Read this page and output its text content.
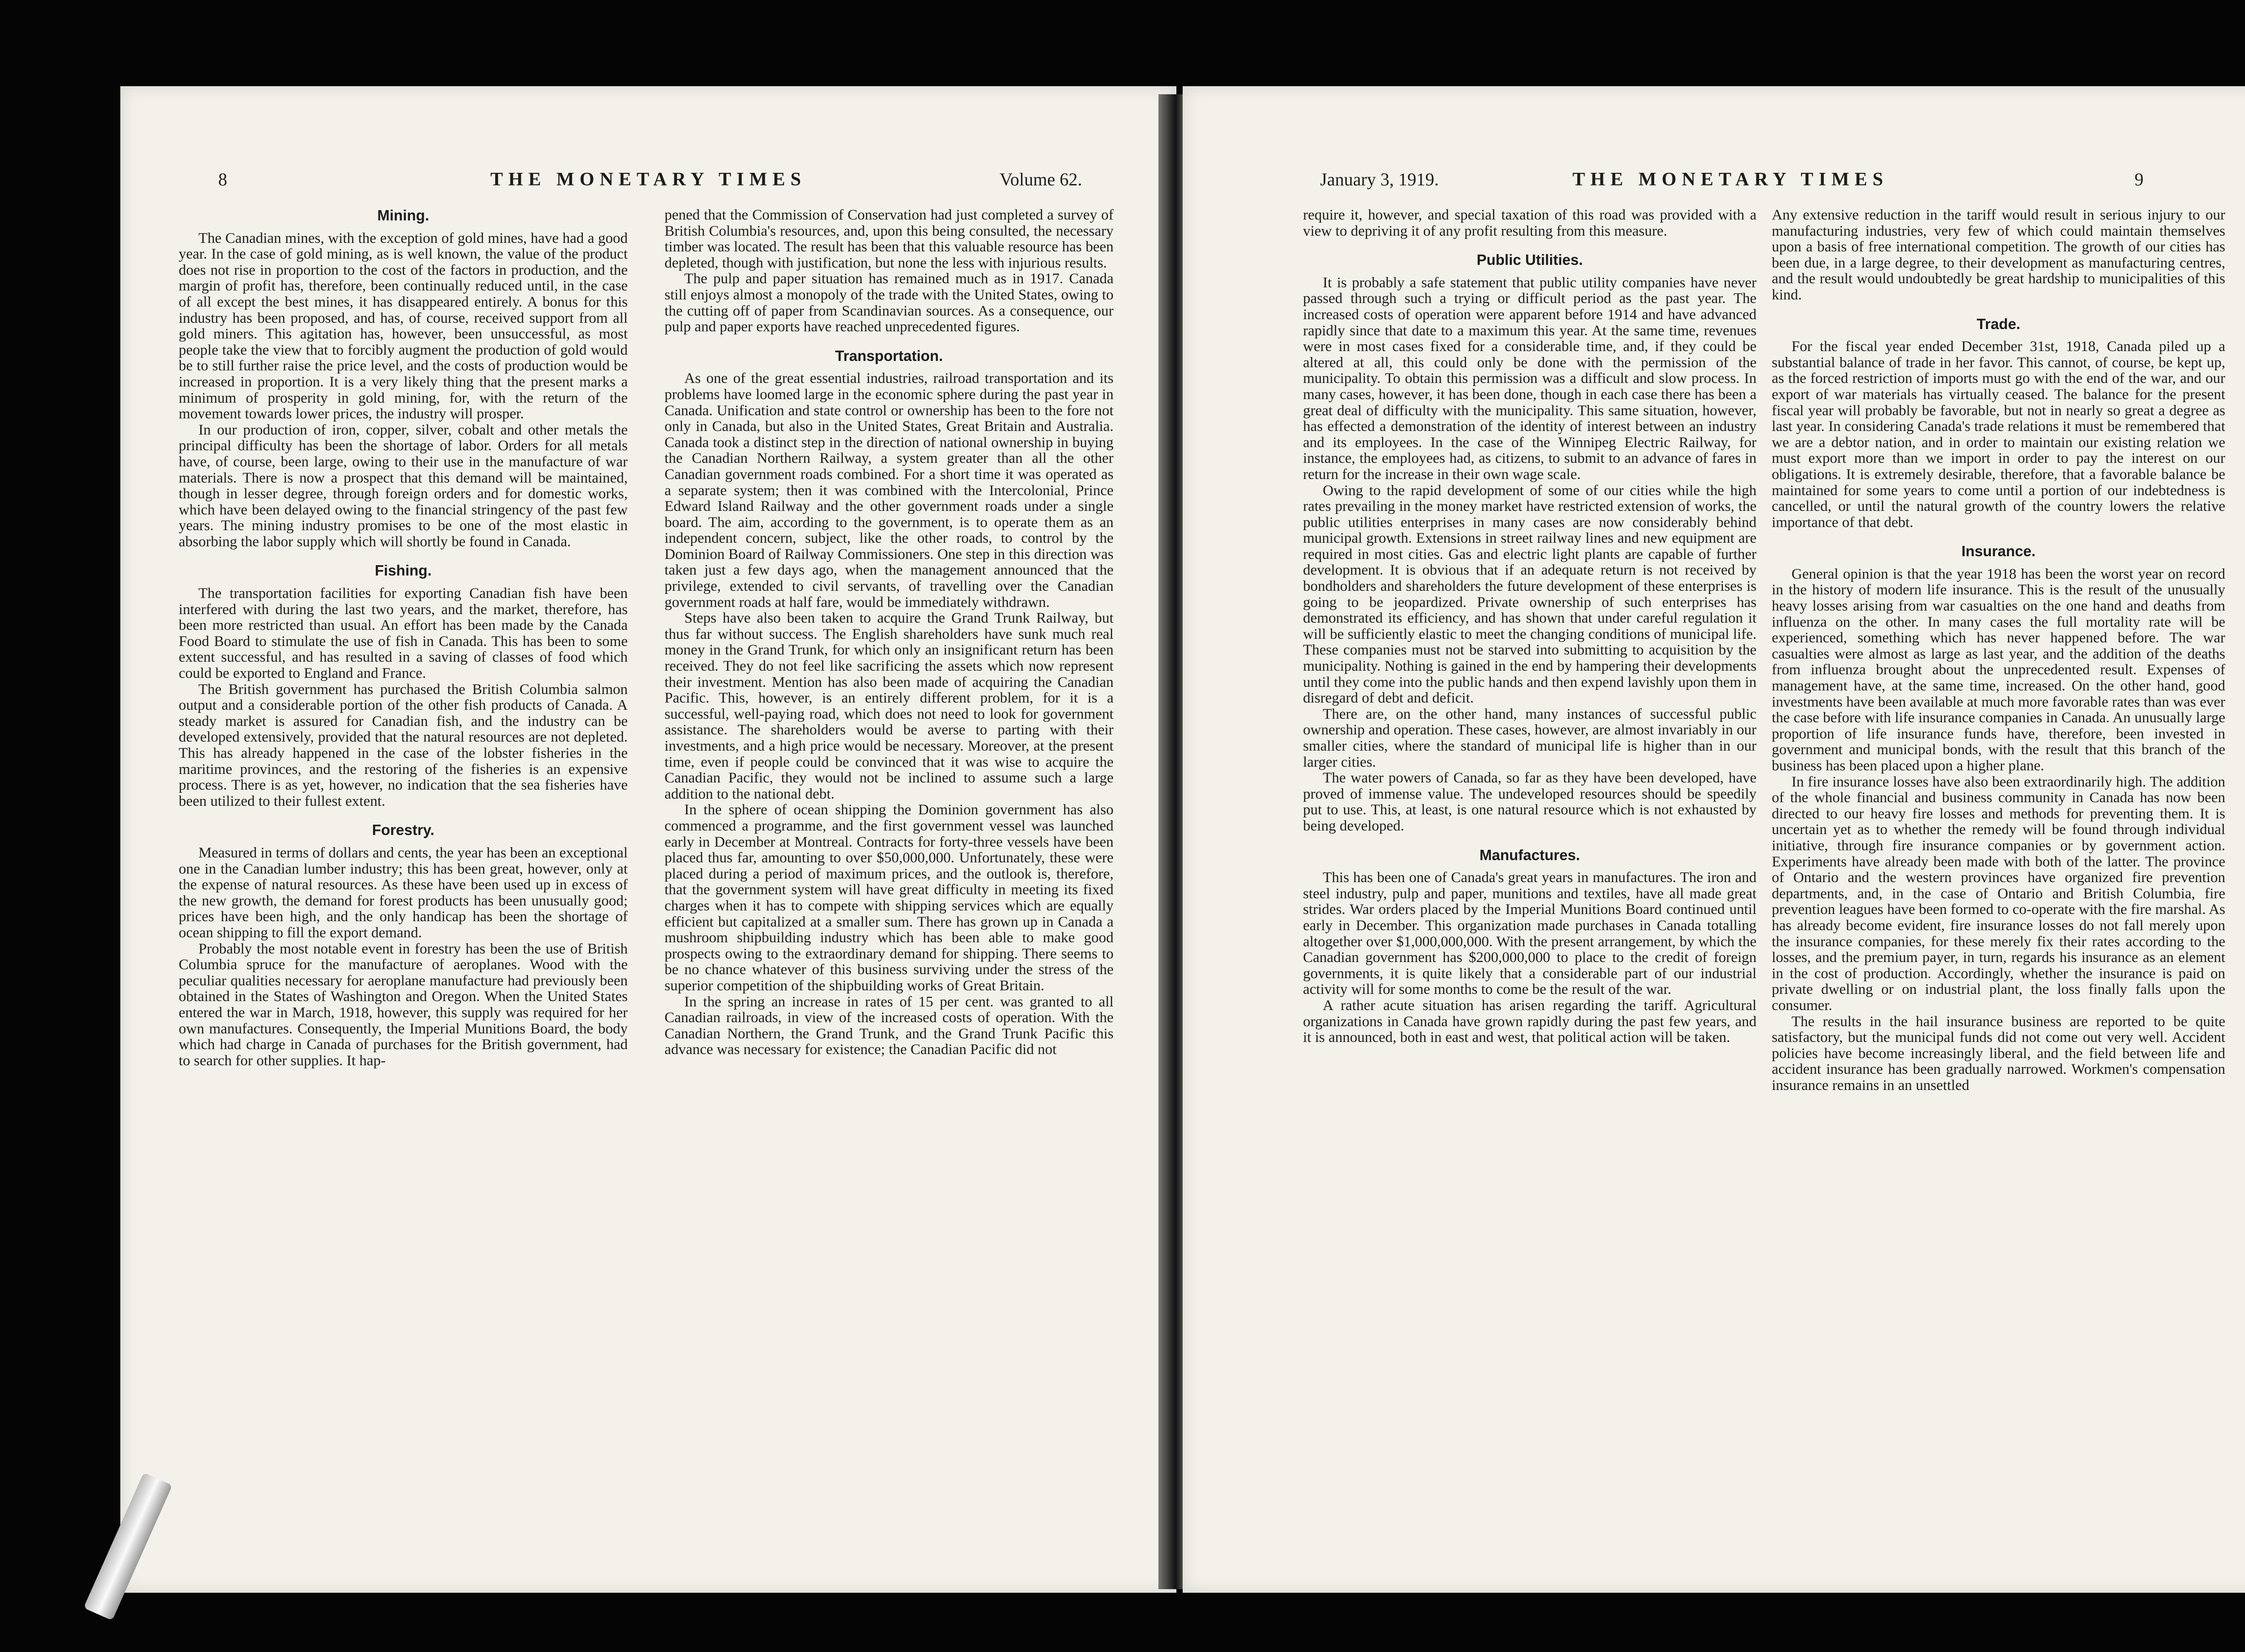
8	THE MONETARY TIMES	Volume 62.
Mining.

The Canadian mines, with the exception of gold mines, have had a good year. In the case of gold mining, as is well known, the value of the product does not rise in proportion to the cost of the factors in production, and the margin of profit has, therefore, been continually reduced until, in the case of all except the best mines, it has disappeared entirely. A bonus for this industry has been proposed, and has, of course, received support from all gold miners. This agitation has, however, been unsuccessful, as most people take the view that to forcibly augment the production of gold would be to still further raise the price level, and the costs of production would be increased in proportion. It is a very likely thing that the present marks a minimum of prosperity in gold mining, for, with the return of the movement towards lower prices, the industry will prosper.

In our production of iron, copper, silver, cobalt and other metals the principal difficulty has been the shortage of labor. Orders for all metals have, of course, been large, owing to their use in the manufacture of war materials. There is now a prospect that this demand will be maintained, though in lesser degree, through foreign orders and for domestic works, which have been delayed owing to the financial stringency of the past few years. The mining industry promises to be one of the most elastic in absorbing the labor supply which will shortly be found in Canada.

Fishing.

The transportation facilities for exporting Canadian fish have been interfered with during the last two years, and the market, therefore, has been more restricted than usual. An effort has been made by the Canada Food Board to stimulate the use of fish in Canada. This has been to some extent successful, and has resulted in a saving of classes of food which could be exported to England and France.

The British government has purchased the British Columbia salmon output and a considerable portion of the other fish products of Canada. A steady market is assured for Canadian fish, and the industry can be developed extensively, provided that the natural resources are not depleted. This has already happened in the case of the lobster fisheries in the maritime provinces, and the restoring of the fisheries is an expensive process. There is as yet, however, no indication that the sea fisheries have been utilized to their fullest extent.

Forestry.

Measured in terms of dollars and cents, the year has been an exceptional one in the Canadian lumber industry; this has been great, however, only at the expense of natural resources. As these have been used up in excess of the new growth, the demand for forest products has been unusually good; prices have been high, and the only handicap has been the shortage of ocean shipping to fill the export demand.

Probably the most notable event in forestry has been the use of British Columbia spruce for the manufacture of aeroplanes. Wood with the peculiar qualities necessary for aeroplane manufacture had previously been obtained in the States of Washington and Oregon. When the United States entered the war in March, 1918, however, this supply was required for her own manufactures. Consequently, the Imperial Munitions Board, the body which had charge in Canada of purchases for the British government, had to search for other supplies. It hap-

pened that the Commission of Conservation had just completed a survey of British Columbia's resources, and, upon this being consulted, the necessary timber was located. The result has been that this valuable resource has been depleted, though with justification, but none the less with injurious results.

The pulp and paper situation has remained much as in 1917. Canada still enjoys almost a monopoly of the trade with the United States, owing to the cutting off of paper from Scandinavian sources. As a consequence, our pulp and paper exports have reached unprecedented figures.

Transportation.

As one of the great essential industries, railroad transportation and its problems have loomed large in the economic sphere during the past year in Canada. Unification and state control or ownership has been to the fore not only in Canada, but also in the United States, Great Britain and Australia. Canada took a distinct step in the direction of national ownership in buying the Canadian Northern Railway, a system greater than all the other Canadian government roads combined. For a short time it was operated as a separate system; then it was combined with the Intercolonial, Prince Edward Island Railway and the other government roads under a single board. The aim, according to the government, is to operate them as an independent concern, subject, like the other roads, to control by the Dominion Board of Railway Commissioners. One step in this direction was taken just a few days ago, when the management announced that the privilege, extended to civil servants, of travelling over the Canadian government roads at half fare, would be immediately withdrawn.

Steps have also been taken to acquire the Grand Trunk Railway, but thus far without success. The English shareholders have sunk much real money in the Grand Trunk, for which only an insignificant return has been received. They do not feel like sacrificing the assets which now represent their investment. Mention has also been made of acquiring the Canadian Pacific. This, however, is an entirely different problem, for it is a successful, well-paying road, which does not need to look for government assistance. The shareholders would be averse to parting with their investments, and a high price would be necessary. Moreover, at the present time, even if people could be convinced that it was wise to acquire the Canadian Pacific, they would not be inclined to assume such a large addition to the national debt.

In the sphere of ocean shipping the Dominion government has also commenced a programme, and the first government vessel was launched early in December at Montreal. Contracts for forty-three vessels have been placed thus far, amounting to over $50,000,000. Unfortunately, these were placed during a period of maximum prices, and the outlook is, therefore, that the government system will have great difficulty in meeting its fixed charges when it has to compete with shipping services which are equally efficient but capitalized at a smaller sum. There has grown up in Canada a mushroom shipbuilding industry which has been able to make good prospects owing to the extraordinary demand for shipping. There seems to be no chance whatever of this business surviving under the stress of the superior competition of the shipbuilding works of Great Britain.

In the spring an increase in rates of 15 per cent. was granted to all Canadian railroads, in view of the increased costs of operation. With the Canadian Northern, the Grand Trunk, and the Grand Trunk Pacific this advance was necessary for existence; the Canadian Pacific did not

January 3, 1919.	THE MONETARY TIMES	9

require it, however, and special taxation of this road was provided with a view to depriving it of any profit resulting from this measure.

Public Utilities.

It is probably a safe statement that public utility companies have never passed through such a trying or difficult period as the past year. The increased costs of operation were apparent before 1914 and have advanced rapidly since that date to a maximum this year. At the same time, revenues were in most cases fixed for a considerable time, and, if they could be altered at all, this could only be done with the permission of the municipality. To obtain this permission was a difficult and slow process. In many cases, however, it has been done, though in each case there has been a great deal of difficulty with the municipality. This same situation, however, has effected a demonstration of the identity of interest between an industry and its employees. In the case of the Winnipeg Electric Railway, for instance, the employees had, as citizens, to submit to an advance of fares in return for the increase in their own wage scale.

Owing to the rapid development of some of our cities while the high rates prevailing in the money market have restricted extension of works, the public utilities enterprises in many cases are now considerably behind municipal growth. Extensions in street railway lines and new equipment are required in most cities. Gas and electric light plants are capable of further development. It is obvious that if an adequate return is not received by bondholders and shareholders the future development of these enterprises is going to be jeopardized. Private ownership of such enterprises has demonstrated its efficiency, and has shown that under careful regulation it will be sufficiently elastic to meet the changing conditions of municipal life. These companies must not be starved into submitting to acquisition by the municipality. Nothing is gained in the end by hampering their developments until they come into the public hands and then expend lavishly upon them in disregard of debt and deficit.

There are, on the other hand, many instances of successful public ownership and operation. These cases, however, are almost invariably in our smaller cities, where the standard of municipal life is higher than in our larger cities.

The water powers of Canada, so far as they have been developed, have proved of immense value. The undeveloped resources should be speedily put to use. This, at least, is one natural resource which is not exhausted by being developed.

Manufactures.

This has been one of Canada's great years in manufactures. The iron and steel industry, pulp and paper, munitions and textiles, have all made great strides. War orders placed by the Imperial Munitions Board continued until early in December. This organization made purchases in Canada totalling altogether over $1,000,000,000. With the present arrangement, by which the Canadian government has $200,000,000 to place to the credit of foreign governments, it is quite likely that a considerable part of our industrial activity will for some months to come be the result of the war.

A rather acute situation has arisen regarding the tariff. Agricultural organizations in Canada have grown rapidly during the past few years, and it is announced, both in east and west, that political action will be taken.

Any extensive reduction in the tariff would result in serious injury to our manufacturing industries, very few of which could maintain themselves upon a basis of free international competition. The growth of our cities has been due, in a large degree, to their development as manufacturing centres, and the result would undoubtedly be great hardship to municipalities of this kind.

Trade.

For the fiscal year ended December 31st, 1918, Canada piled up a substantial balance of trade in her favor. This cannot, of course, be kept up, as the forced restriction of imports must go with the end of the war, and our export of war materials has virtually ceased. The balance for the present fiscal year will probably be favorable, but not in nearly so great a degree as last year. In considering Canada's trade relations it must be remembered that we are a debtor nation, and in order to maintain our existing relation we must export more than we import in order to pay the interest on our obligations. It is extremely desirable, therefore, that a favorable balance be maintained for some years to come until a portion of our indebtedness is cancelled, or until the natural growth of the country lowers the relative importance of that debt.

Insurance.

General opinion is that the year 1918 has been the worst year on record in the history of modern life insurance. This is the result of the unusually heavy losses arising from war casualties on the one hand and deaths from influenza on the other. In many cases the full mortality rate will be experienced, something which has never happened before. The war casualties were almost as large as last year, and the addition of the deaths from influenza brought about the unprecedented result. Expenses of management have, at the same time, increased. On the other hand, good investments have been available at much more favorable rates than was ever the case before with life insurance companies in Canada. An unusually large proportion of life insurance funds have, therefore, been invested in government and municipal bonds, with the result that this branch of the business has been placed upon a higher plane.

In fire insurance losses have also been extraordinarily high. The addition of the whole financial and business community in Canada has now been directed to our heavy fire losses and methods for preventing them. It is uncertain yet as to whether the remedy will be found through individual initiative, through fire insurance companies or by government action. Experiments have already been made with both of the latter. The province of Ontario and the western provinces have organized fire prevention departments, and, in the case of Ontario and British Columbia, fire prevention leagues have been formed to co-operate with the fire marshal. As has already become evident, fire insurance losses do not fall merely upon the insurance companies, for these merely fix their rates according to the losses, and the premium payer, in turn, regards his insurance as an element in the cost of production. Accordingly, whether the insurance is paid on private dwelling or on industrial plant, the loss finally falls upon the consumer.

The results in the hail insurance business are reported to be quite satisfactory, but the municipal funds did not come out very well. Accident policies have become increasingly liberal, and the field between life and accident insurance has been gradually narrowed. Workmen's compensation insurance remains in an unsettled
